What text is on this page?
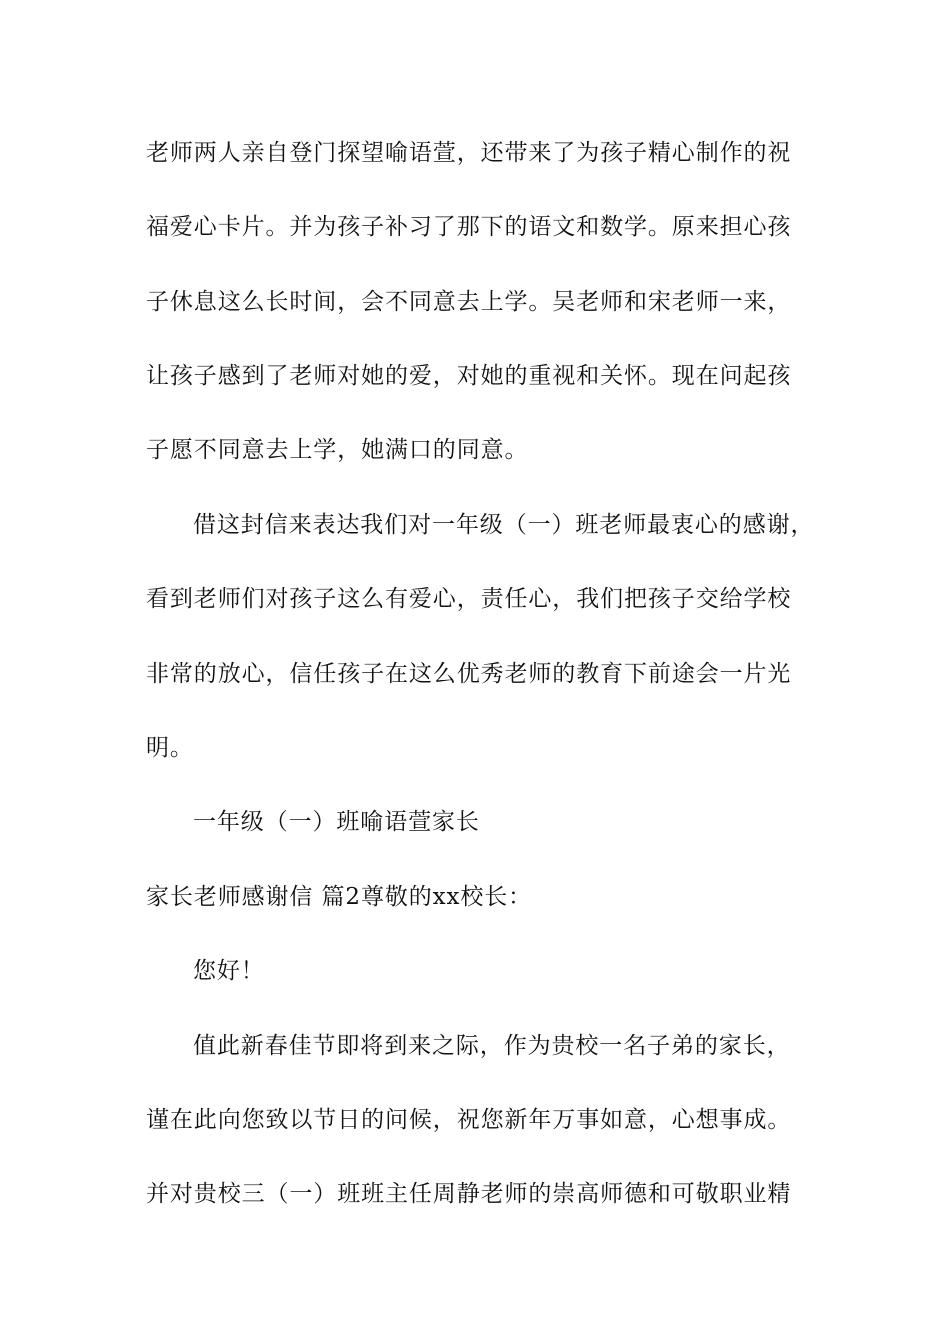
老师两人亲自登门探望喻语萱，还带来了为孩子精心制作的祝
福爱心卡片。并为孩子补习了那下的语文和数学。原来担心孩
子休息这么长时间，会不同意去上学。吴老师和宋老师一来，
让孩子感到了老师对她的爱，对她的重视和关怀。现在问起孩
子愿不同意去上学，她满口的同意。
借这封信来表达我们对一年级（一）班老师最衷心的感谢，
看到老师们对孩子这么有爱心，责任心，我们把孩子交给学校
非常的放心，信任孩子在这么优秀老师的教育下前途会一片光
明。
一年级（一）班喻语萱家长
家长老师感谢信 篇2尊敬的xx校长：
您好！
值此新春佳节即将到来之际，作为贵校一名子弟的家长，
谨在此向您致以节日的问候，祝您新年万事如意，心想事成。
并对贵校三（一）班班主任周静老师的崇高师德和可敬职业精
